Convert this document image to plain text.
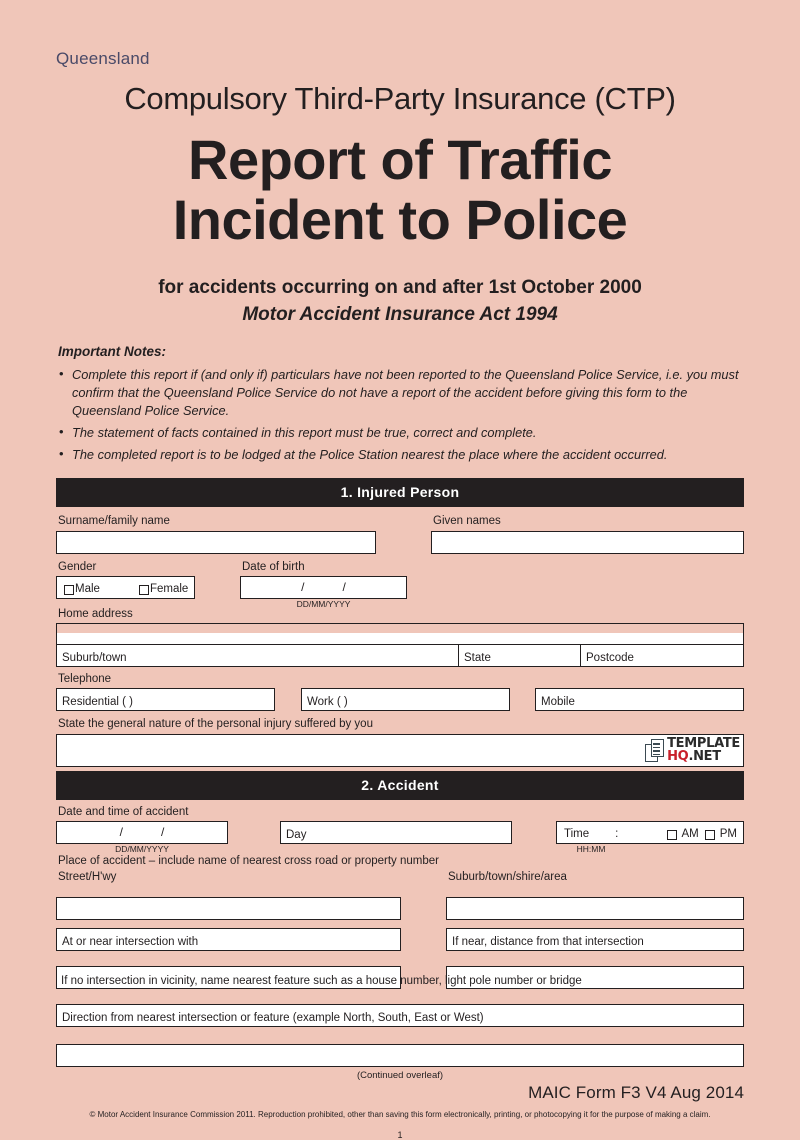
Queensland
Compulsory Third-Party Insurance (CTP)
Report of Traffic
Incident to Police
for accidents occurring on and after 1st October 2000
Motor Accident Insurance Act 1994
Important Notes:
• Complete this report if (and only if) particulars have not been reported to the Queensland Police Service, i.e. you must confirm that the Queensland Police Service do not have a report of the accident before giving this form to the Queensland Police Service.
• The statement of facts contained in this report must be true, correct and complete.
• The completed report is to be lodged at the Police Station nearest the place where the accident occurred.
1. Injured Person
Surname/family name	Given names
Gender
Male	Female
Date of birth
//
DD/MM/YYYY
Home address
Suburb/town	State	Postcode
Telephone
Residential ( )	Work ( )	Mobile
State the general nature of the personal injury suffered by you
TEMPLATE
HQ.NET
2. Accident
Date and time of accident
//
DD/MM/YYYY
Day	Time :	AM PM
HH:MM
Place of accident – include name of nearest cross road or property number
Street/H'wy	Suburb/town/shire/area
At or near intersection with	If near, distance from that intersection
If no intersection in vicinity, name nearest feature such as a house number, light pole number or bridge
Direction from nearest intersection or feature (example North, South, East or West)
(Continued overleaf)
MAIC Form F3 V4 Aug 2014
© Motor Accident Insurance Commission 2011. Reproduction prohibited, other than saving this form electronically, printing, or photocopying it for the purpose of making a claim.
1
